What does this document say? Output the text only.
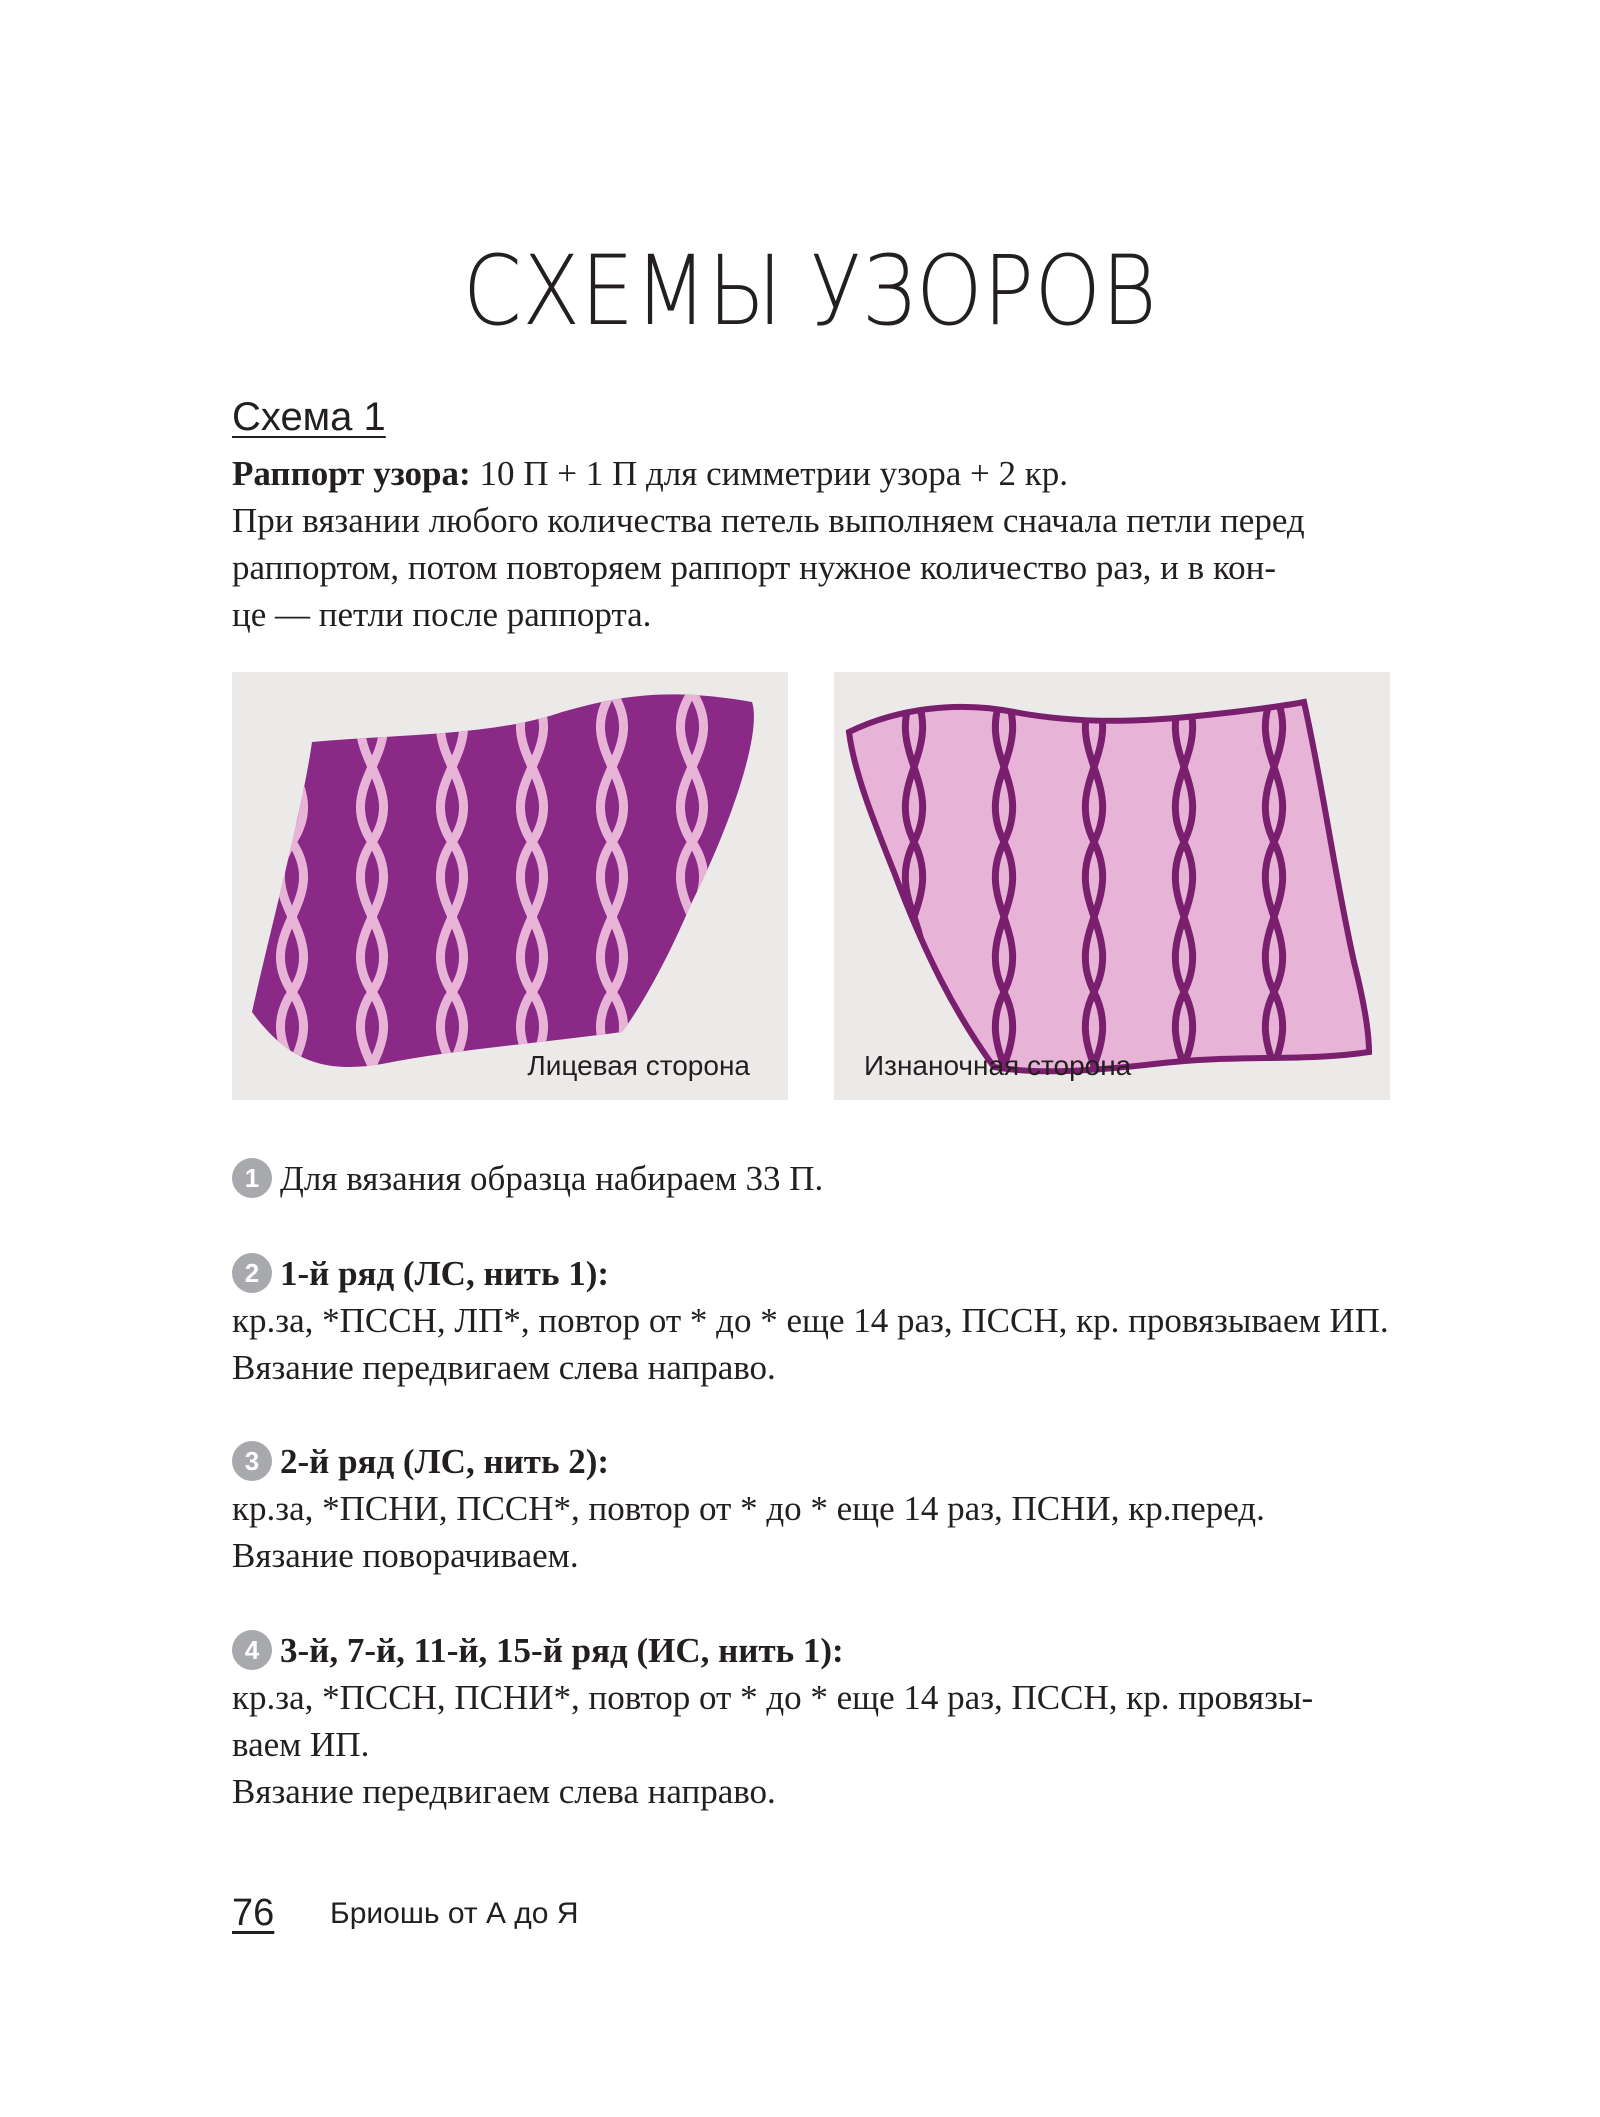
СХЕМЫ УЗОРОВ
Схема 1
Раппорт узора: 10 П + 1 П для симметрии узора + 2 кр.
При вязании любого количества петель выполняем сначала петли перед
раппортом, потом повторяем раппорт нужное количество раз, и в кон-
це — петли после раппорта.
Лицевая сторона	Изнаночная сторона
1 Для вязания образца набираем 33 П.
2 1-й ряд (ЛС, нить 1):
кр.за, *ПССН, ЛП*, повтор от * до * еще 14 раз, ПССН, кр. провязываем ИП.
Вязание передвигаем слева направо.
3 2-й ряд (ЛС, нить 2):
кр.за, *ПСНИ, ПССН*, повтор от * до * еще 14 раз, ПСНИ, кр.перед.
Вязание поворачиваем.
4 3-й, 7-й, 11-й, 15-й ряд (ИС, нить 1):
кр.за, *ПССН, ПСНИ*, повтор от * до * еще 14 раз, ПССН, кр. провязы-
ваем ИП.
Вязание передвигаем слева направо.
76 Бриошь от А до Я
